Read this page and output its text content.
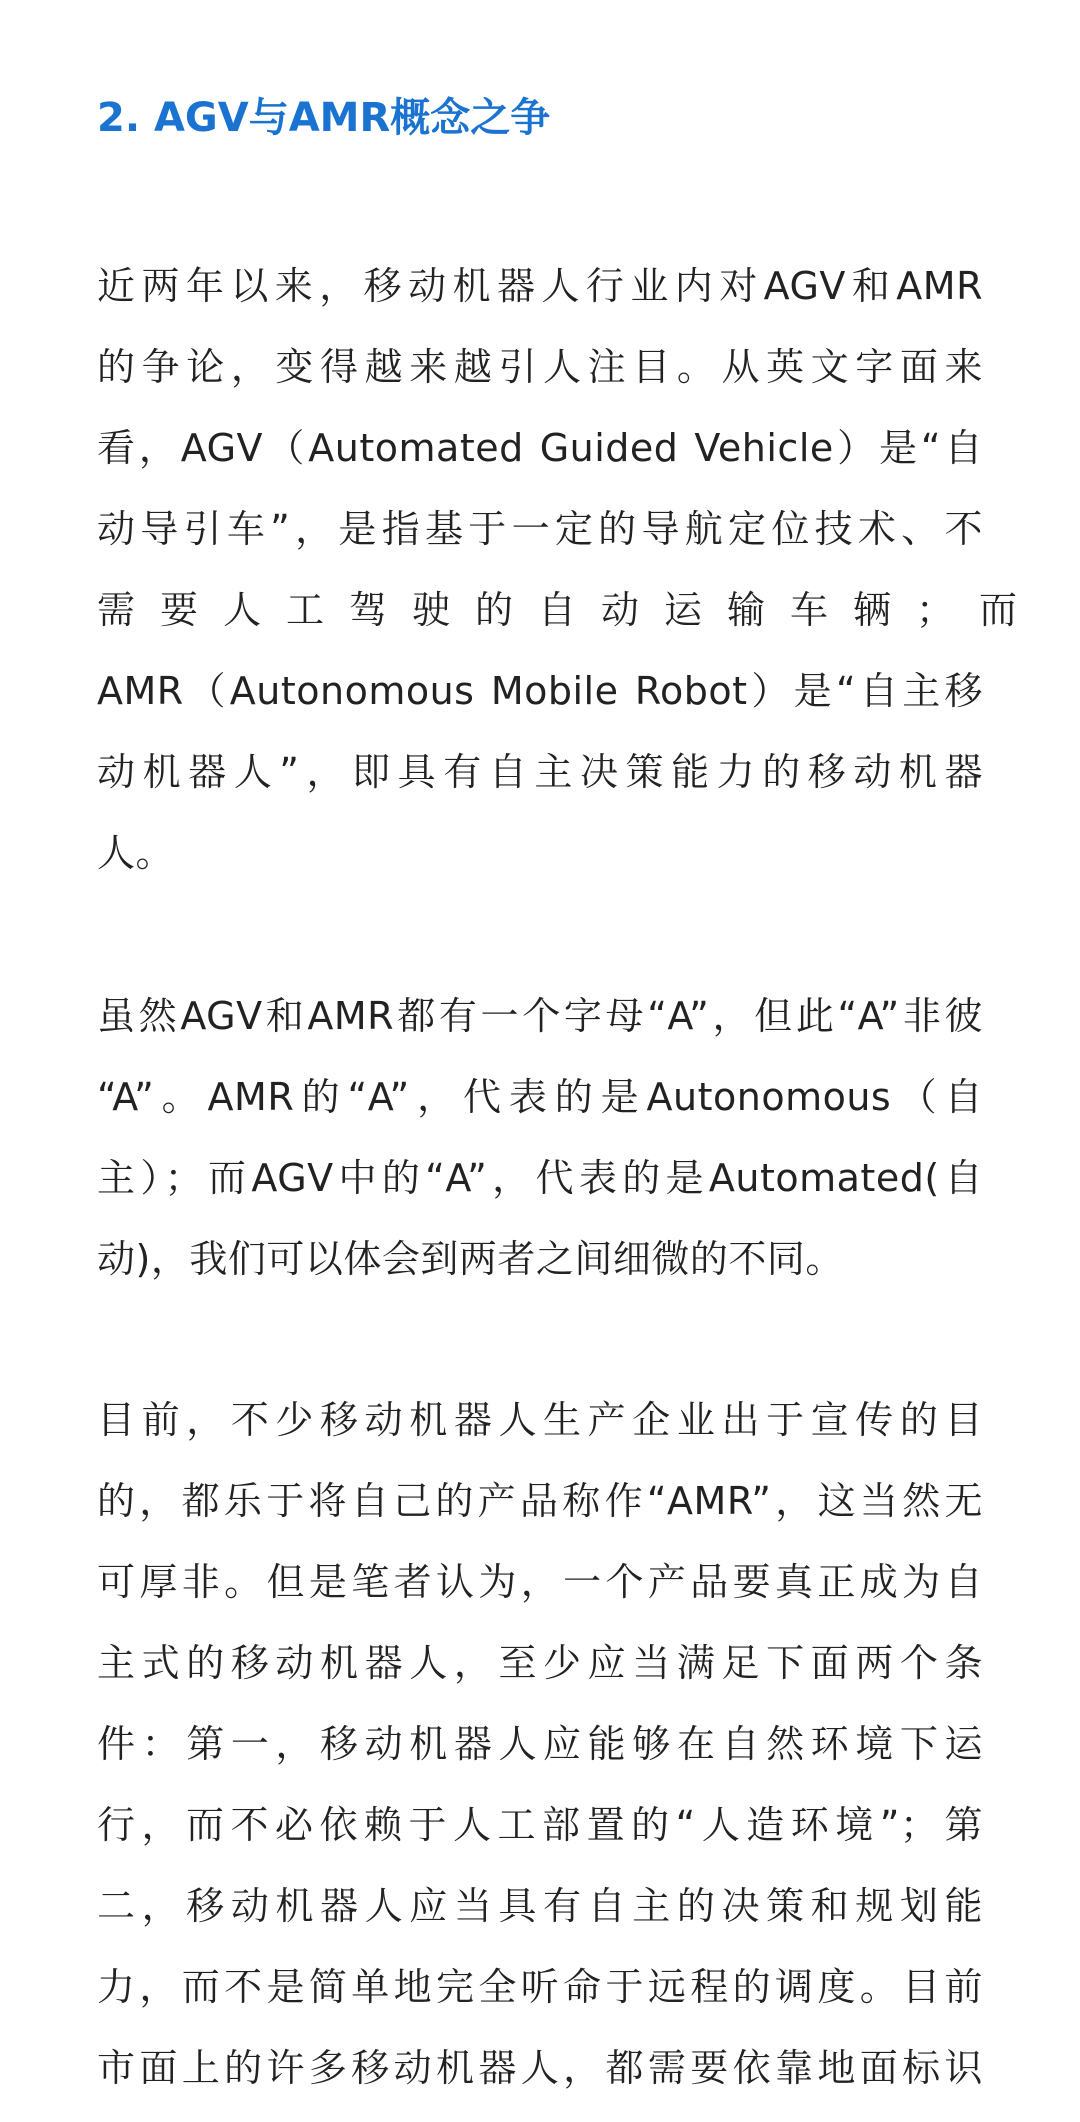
2. AGV与AMR概念之争
近两年以来，移动机器人行业内对AGV和AMR
的争论，变得越来越引人注目。从英文字面来
看，AGV（Automated Guided Vehicle）是“自
动导引车”，是指基于一定的导航定位技术、不
需要人工驾驶的自动运输车辆；而
AMR（Autonomous Mobile Robot）是“自主移
动机器人”，即具有自主决策能力的移动机器
人。
虽然AGV和AMR都有一个字母“A”，但此“A”非彼
“A”。AMR的“A”，代表的是Autonomous（自
主）；而AGV中的“A”，代表的是Automated(自
动)，我们可以体会到两者之间细微的不同。
目前，不少移动机器人生产企业出于宣传的目
的，都乐于将自己的产品称作“AMR”，这当然无
可厚非。但是笔者认为，一个产品要真正成为自
主式的移动机器人，至少应当满足下面两个条
件：第一，移动机器人应能够在自然环境下运
行，而不必依赖于人工部置的“人造环境”；第
二，移动机器人应当具有自主的决策和规划能
力，而不是简单地完全听命于远程的调度。目前
市面上的许多移动机器人，都需要依靠地面标识
